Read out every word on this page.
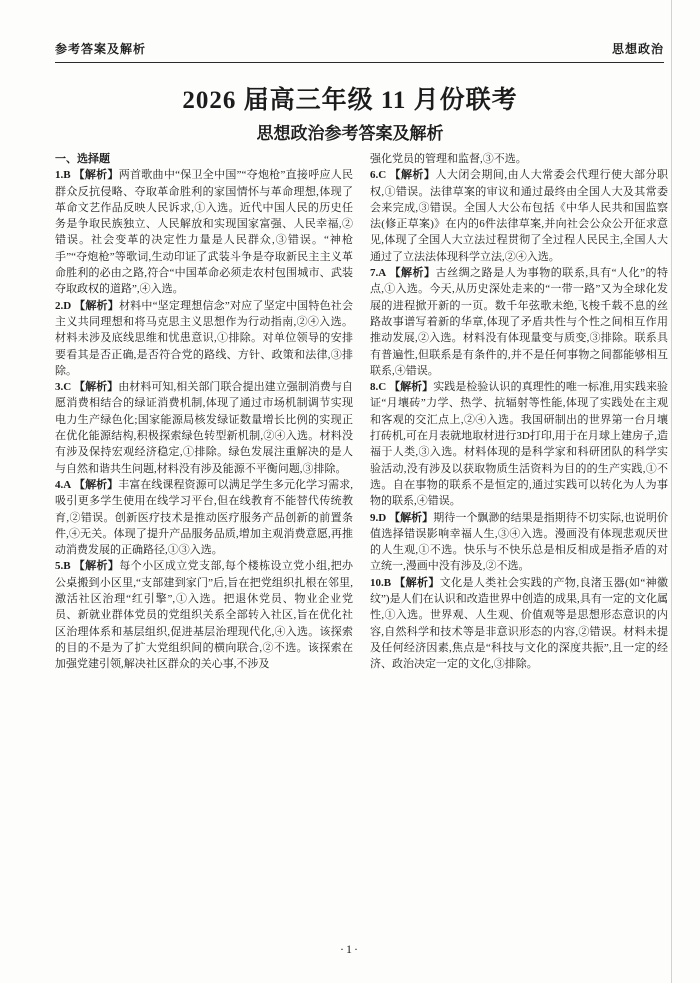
参考答案及解析	思想政治
2026 届高三年级 11 月份联考
思想政治参考答案及解析
一、选择题
1.B 【解析】两首歌曲中“保卫全中国”“夺炮枪”直接呼应人民群众反抗侵略、夺取革命胜利的家国情怀与革命理想,体现了革命文艺作品反映人民诉求,①入选。近代中国人民的历史任务是争取民族独立、人民解放和实现国家富强、人民幸福,②错误。社会变革的决定性力量是人民群众,③错误。“神枪手”“夺炮枪”等歌词,生动印证了武装斗争是夺取新民主主义革命胜利的必由之路,符合“中国革命必须走农村包围城市、武装夺取政权的道路”,④入选。
2.D 【解析】材料中“坚定理想信念”对应了坚定中国特色社会主义共同理想和将马克思主义思想作为行动指南,②④入选。材料未涉及底线思维和忧患意识,①排除。对单位领导的安排要看其是否正确,是否符合党的路线、方针、政策和法律,③排除。
3.C 【解析】由材料可知,相关部门联合提出建立强制消费与自愿消费相结合的绿证消费机制,体现了通过市场机制调节实现电力生产绿色化;国家能源局核发绿证数量增长比例的实现正在优化能源结构,积极探索绿色转型新机制,②④入选。材料没有涉及保持宏观经济稳定,①排除。绿色发展注重解决的是人与自然和谐共生问题,材料没有涉及能源不平衡问题,③排除。
4.A 【解析】丰富在线课程资源可以满足学生多元化学习需求,吸引更多学生使用在线学习平台,但在线教育不能替代传统教育,②错误。创新医疗技术是推动医疗服务产品创新的前置条件,④无关。体现了提升产品服务品质,增加主观消费意愿,再推动消费发展的正确路径,①③入选。
5.B 【解析】每个小区成立党支部,每个楼栋设立党小组,把办公桌搬到小区里,“支部建到家门”后,旨在把党组织扎根在邻里,激活社区治理“红引擎”,①入选。把退休党员、物业企业党员、新就业群体党员的党组织关系全部转入社区,旨在优化社区治理体系和基层组织,促进基层治理现代化,④入选。该探索的目的不是为了扩大党组织间的横向联合,②不选。该探索在加强党建引领,解决社区群众的关心事,不涉及
强化党员的管理和监督,③不选。
6.C 【解析】人大闭会期间,由人大常委会代理行使大部分职权,①错误。法律草案的审议和通过最终由全国人大及其常委会来完成,③错误。全国人大公布包括《中华人民共和国监察法(修正草案)》在内的6件法律草案,并向社会公众公开征求意见,体现了全国人大立法过程贯彻了全过程人民民主,全国人大通过了立法法体现科学立法,②④入选。
7.A 【解析】古丝绸之路是人为事物的联系,具有“人化”的特点,①入选。今天,从历史深处走来的“一带一路”又为全球化发展的进程掀开新的一页。数千年弦歌未绝,飞梭千载不息的丝路故事谱写着新的华章,体现了矛盾共性与个性之间相互作用推动发展,②入选。材料没有体现量变与质变,③排除。联系具有普遍性,但联系是有条件的,并不是任何事物之间都能够相互联系,④错误。
8.C 【解析】实践是检验认识的真理性的唯一标准,用实践来验证“月壤砖”力学、热学、抗辐射等性能,体现了实践处在主观和客观的交汇点上,②④入选。我国研制出的世界第一台月壤打砖机,可在月表就地取材进行3D打印,用于在月球上建房子,造福于人类,③入选。材料体现的是科学家和科研团队的科学实验活动,没有涉及以获取物质生活资料为目的的生产实践,①不选。自在事物的联系不是恒定的,通过实践可以转化为人为事物的联系,④错误。
9.D 【解析】期待一个飘渺的结果是指期待不切实际,也说明价值选择错误影响幸福人生,③④入选。漫画没有体现悲观厌世的人生观,①不选。快乐与不快乐总是相反相成是指矛盾的对立统一,漫画中没有涉及,②不选。
10.B 【解析】文化是人类社会实践的产物,良渚玉器(如“神徽纹”)是人们在认识和改造世界中创造的成果,具有一定的文化属性,①入选。世界观、人生观、价值观等是思想形态意识的内容,自然科学和技术等是非意识形态的内容,②错误。材料未提及任何经济因素,焦点是“科技与文化的深度共振”,且一定的经济、政治决定一定的文化,③排除。
·1·
